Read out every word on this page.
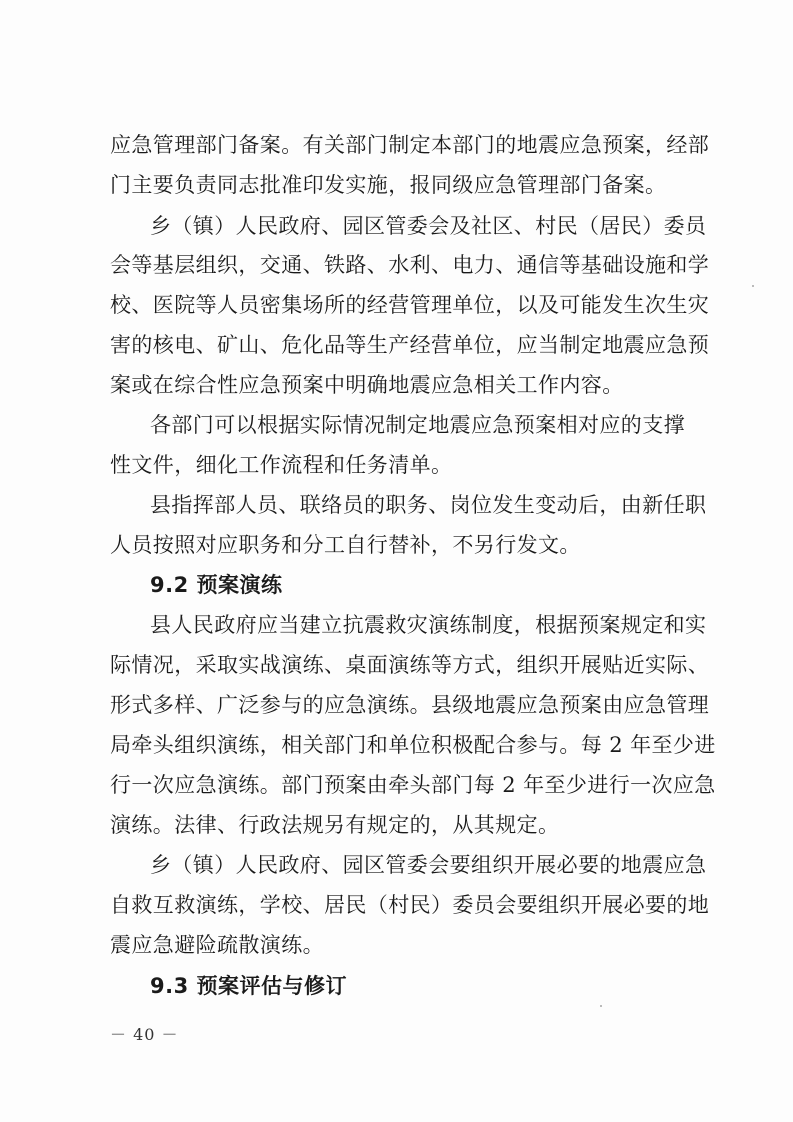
应急管理部门备案。有关部门制定本部门的地震应急预案，经部
门主要负责同志批准印发实施，报同级应急管理部门备案。
乡（镇）人民政府、园区管委会及社区、村民（居民）委员
会等基层组织，交通、铁路、水利、电力、通信等基础设施和学
校、医院等人员密集场所的经营管理单位，以及可能发生次生灾
害的核电、矿山、危化品等生产经营单位，应当制定地震应急预
案或在综合性应急预案中明确地震应急相关工作内容。
各部门可以根据实际情况制定地震应急预案相对应的支撑
性文件，细化工作流程和任务清单。
县指挥部人员、联络员的职务、岗位发生变动后，由新任职
人员按照对应职务和分工自行替补，不另行发文。
9.2 预案演练
县人民政府应当建立抗震救灾演练制度，根据预案规定和实
际情况，采取实战演练、桌面演练等方式，组织开展贴近实际、
形式多样、广泛参与的应急演练。县级地震应急预案由应急管理
局牵头组织演练，相关部门和单位积极配合参与。每 2 年至少进
行一次应急演练。部门预案由牵头部门每 2 年至少进行一次应急
演练。法律、行政法规另有规定的，从其规定。
乡（镇）人民政府、园区管委会要组织开展必要的地震应急
自救互救演练，学校、居民（村民）委员会要组织开展必要的地
震应急避险疏散演练。
9.3 预案评估与修订
－ 40 －
